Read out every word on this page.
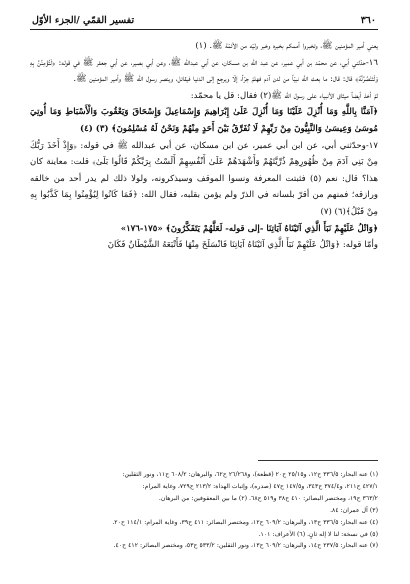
٣٦٠
تفسير القمّي /الجزء الأوّل

يعني أمير المؤمنين ﷺ، وتخبروا أممكم بخبره وخبر وليّه من الأئمّة ﷺ. (١)

١٦-حدّثني أبي، عن محمّد بن أبي عمير، عن عبد الله بن مسكان، عن أبي عبدالله ﷺ، وعن أبي بصير، عن أبي جعفر ﷺ في قوله: ﴿لَتُؤْمِنُنَّ بِهِ وَلَتَنْصُرُنَّهُ﴾ قال: قال: ما بعث الله نبيّاً من لدن آدم فهلمّ جرّاً، إلّا ويرجع إلى الدنيا فيقاتل، وينصر رسول الله ﷺ وأمير المؤمنين ﷺ.

ثمّ أخذ أيضاً ميثاق الأنبياء على رسول الله ﷺ(٢) فقال: قل يا محمّد:

﴿آمَنَّا بِاللَّهِ وَمَا أُنْزِلَ عَلَيْنَا وَمَا أُنْزِلَ عَلَىٰ إِبْرَاهِيمَ وَإِسْمَاعِيلَ وَإِسْحَاقَ وَيَعْقُوبَ وَالْأَسْبَاطِ وَمَا أُوتِيَ مُوسَىٰ وَعِيسَىٰ وَالنَّبِيُّونَ مِنْ رَبِّهِمْ لَا نُفَرِّقُ بَيْنَ أَحَدٍ مِنْهُمْ وَنَحْنُ لَهُ مُسْلِمُونَ﴾ (٣) (٤)

١٧-وحدّثني أبي، عن ابن أبي عمير، عن ابن مسكان، عن أبي عبدالله ﷺ في قوله: ﴿وَإِذْ أَخَذَ رَبُّكَ مِنْ بَنِي آدَمَ مِنْ ظُهُورِهِمْ ذُرِّيَّتَهُمْ وَأَشْهَدَهُمْ عَلَىٰ أَنْفُسِهِمْ أَلَسْتُ بِرَبِّكُمْ قَالُوا بَلَىٰ﴾ قلت: معاينة كان هذا؟ قال: نعم (٥) فثبتت المعرفة ونسوا الموقف وسيذكرونه، ولولا ذلك لم يدر أحد من خالقه ورازقه؛ فمنهم من أقرّ بلسانه في الذرّ ولم يؤمن بقلبه، فقال الله: ﴿فَمَا كَانُوا لِيُؤْمِنُوا بِمَا كَذَّبُوا بِهِ مِنْ قَبْلُ﴾(٦) (٧)

﴿وَاتْلُ عَلَيْهِمْ نَبَأَ الَّذِي آتَيْنَاهُ آيَاتِنَا -إلى قوله- لَعَلَّهُمْ يَتَفَكَّرُونَ﴾ «١٧٥-١٧٦»

وأمّا قوله: ﴿وَاتْلُ عَلَيْهِمْ نَبَأَ الَّذِي آتَيْنَاهُ آيَاتِنَا فَانْسَلَخَ مِنْهَا فَأَتْبَعَهُ الشَّيْطَانُ فَكَانَ

(١) عنه البحار: ٣٣٦/٥ ح١٢، و٢٥/١٥ ح٢٠ (قطعة)، و٢٦/٢٦٨ ح٦٢، والبرهان: ٦٠٨/٢ ح١١، ونور الثقلين:

٤٢٧/١ ح٢١١، و٣٧٤/٤ ح٣٤٣، و١٤٧/٥ ح٤٧ (صدره)، وإثبات الهداة: ٢١٣/٢ ح٧٢٩، وغاية المرام:

٣٦٣/٢ ح١٩، ومختصر البصائر: ٤١٠ ح٣٨ و٥١٩ ح٦٨. (٢) ما بين المعقوفين: من البرهان.

(٣) آل عمران: ٨٤.

(٤) عنه البحار: ٣٣٦/٥ ح١٣، والبرهان: ٦٠٩/٢ ح١٢، ومختصر البصائر: ٤١١ ح٣٩، وغاية المرام: ١١٤/١ ح٢٠.

(٥) في نسخة: لنا لا إله ثانٍ. (٦) الأعراف: ١٠١.

(٧) عنه البحار: ٢٣٧/٥ ح١٤، والبرهان: ٦٠٩/٢ ح١٣، ونور الثقلين: ٥٣٣/٢ ح٥٣، ومختصر البصائر: ٤١٢ ح٤٠.
